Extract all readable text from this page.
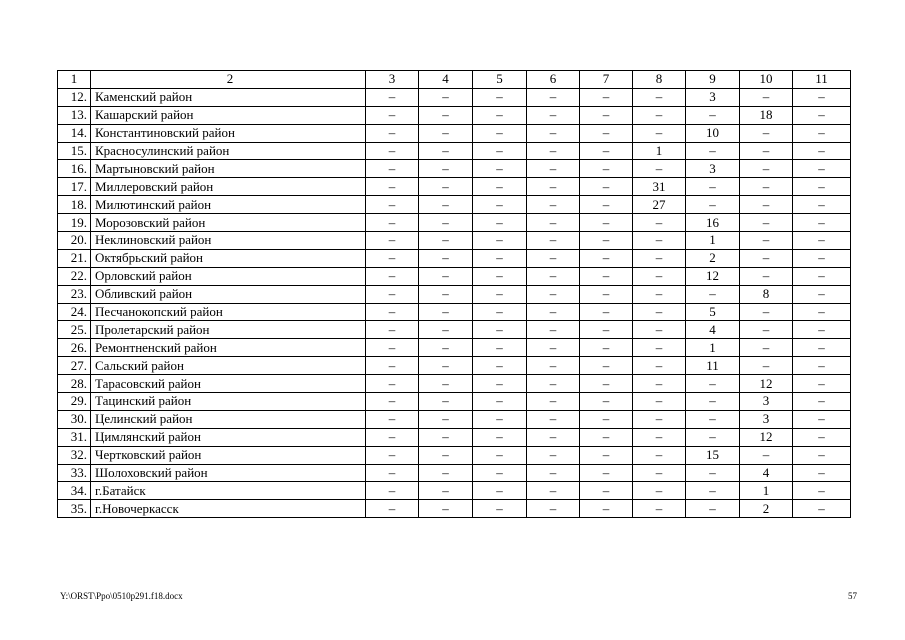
1	2	3	4	5	6	7	8	9	10	11
12.	Каменский район	–	–	–	–	–	–	3	–	–
13.	Кашарский район	–	–	–	–	–	–	–	18	–
14.	Константиновский район	–	–	–	–	–	–	10	–	–
15.	Красносулинский район	–	–	–	–	–	1	–	–	–
16.	Мартыновский район	–	–	–	–	–	–	3	–	–
17.	Миллеровский район	–	–	–	–	–	31	–	–	–
18.	Милютинский район	–	–	–	–	–	27	–	–	–
19.	Морозовский район	–	–	–	–	–	–	16	–	–
20.	Неклиновский район	–	–	–	–	–	–	1	–	–
21.	Октябрьский район	–	–	–	–	–	–	2	–	–
22.	Орловский район	–	–	–	–	–	–	12	–	–
23.	Обливский район	–	–	–	–	–	–	–	8	–
24.	Песчанокопский район	–	–	–	–	–	–	5	–	–
25.	Пролетарский район	–	–	–	–	–	–	4	–	–
26.	Ремонтненский район	–	–	–	–	–	–	1	–	–
27.	Сальский район	–	–	–	–	–	–	11	–	–
28.	Тарасовский район	–	–	–	–	–	–	–	12	–
29.	Тацинский район	–	–	–	–	–	–	–	3	–
30.	Целинский район	–	–	–	–	–	–	–	3	–
31.	Цимлянский район	–	–	–	–	–	–	–	12	–
32.	Чертковский район	–	–	–	–	–	–	15	–	–
33.	Шолоховский район	–	–	–	–	–	–	–	4	–
34.	г.Батайск	–	–	–	–	–	–	–	1	–
35.	г.Новочеркасск	–	–	–	–	–	–	–	2	–
Y:\ORST\Ppo\0510p291.f18.docx	57
